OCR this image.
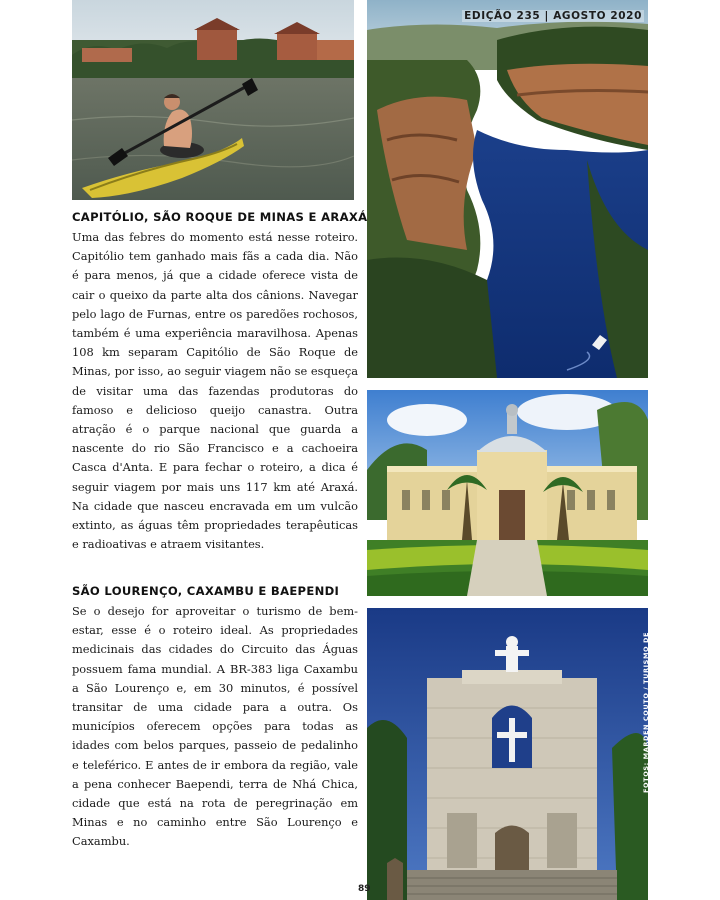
EDIÇÃO 235 | AGOSTO 2020
FOTOS: MARDEN COUTO / TURISMO DE MINAS
CAPITÓLIO, SÃO ROQUE DE MINAS E ARAXÁ

Uma das febres do momento está nesse roteiro. Capitólio tem ganhado mais fãs a cada dia. Não é para menos, já que a cidade oferece vista de cair o queixo da parte alta dos cânions. Navegar pelo lago de Furnas, entre os paredões rochosos, também é uma experiência maravilhosa. Apenas 108 km separam Capitólio de São Roque de Minas, por isso, ao seguir viagem não se esqueça de visitar uma das fazendas produtoras do famoso e delicioso queijo canastra. Outra atração é o parque nacional que guarda a nascente do rio São Francisco e a cachoeira Casca d'Anta. E para fechar o roteiro, a dica é seguir viagem por mais uns 117 km até Araxá. Na cidade que nasceu encravada em um vulcão extinto, as águas têm propriedades terapêuticas e radioativas e atraem visitantes.

SÃO LOURENÇO, CAXAMBU E BAEPENDI

Se o desejo for aproveitar o turismo de bem-estar, esse é o roteiro ideal. As propriedades medicinais das cidades do Circuito das Águas possuem fama mundial. A BR-383 liga Caxambu a São Lourenço e, em 30 minutos, é possível transitar de uma cidade para a outra. Os municípios oferecem opções para todas as idades com belos parques, passeio de pedalinho e teleférico. E antes de ir embora da região, vale a pena conhecer Baependi, terra de Nhá Chica, cidade que está na rota de peregrinação em Minas e no caminho entre São Lourenço e Caxambu.

89
